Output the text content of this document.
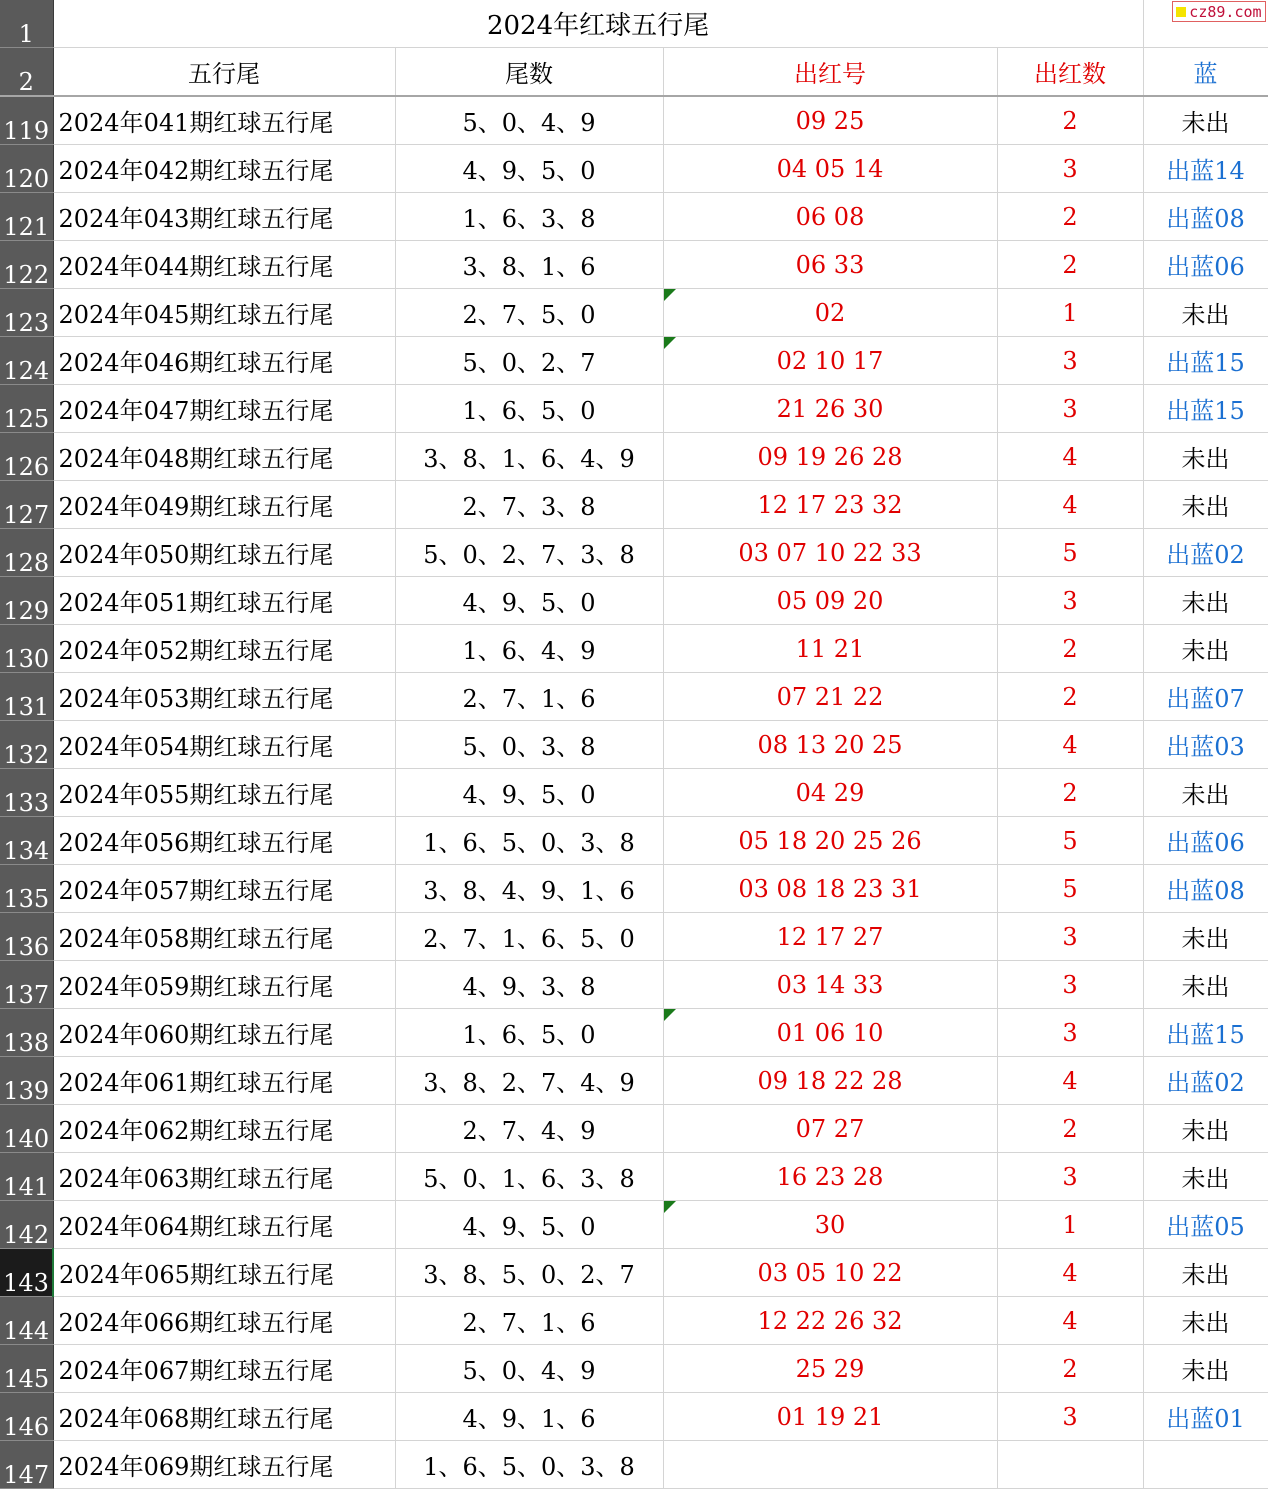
1	2024年红球五行尾				cz89.com

2	五行尾	尾数	出红号	出红数	蓝
119	2024年041期红球五行尾	5、0、4、9	09 25	2	未出
120	2024年042期红球五行尾	4、9、5、0	04 05 14	3	出蓝14
121	2024年043期红球五行尾	1、6、3、8	06 08	2	出蓝08
122	2024年044期红球五行尾	3、8、1、6	06 33	2	出蓝06
123	2024年045期红球五行尾	2、7、5、0	02	1	未出
124	2024年046期红球五行尾	5、0、2、7	02 10 17	3	出蓝15
125	2024年047期红球五行尾	1、6、5、0	21 26 30	3	出蓝15
126	2024年048期红球五行尾	3、8、1、6、4、9	09 19 26 28	4	未出
127	2024年049期红球五行尾	2、7、3、8	12 17 23 32	4	未出
128	2024年050期红球五行尾	5、0、2、7、3、8	03 07 10 22 33	5	出蓝02
129	2024年051期红球五行尾	4、9、5、0	05 09 20	3	未出
130	2024年052期红球五行尾	1、6、4、9	11 21	2	未出
131	2024年053期红球五行尾	2、7、1、6	07 21 22	2	出蓝07
132	2024年054期红球五行尾	5、0、3、8	08 13 20 25	4	出蓝03
133	2024年055期红球五行尾	4、9、5、0	04 29	2	未出
134	2024年056期红球五行尾	1、6、5、0、3、8	05 18 20 25 26	5	出蓝06
135	2024年057期红球五行尾	3、8、4、9、1、6	03 08 18 23 31	5	出蓝08
136	2024年058期红球五行尾	2、7、1、6、5、0	12 17 27	3	未出
137	2024年059期红球五行尾	4、9、3、8	03 14 33	3	未出
138	2024年060期红球五行尾	1、6、5、0	01 06 10	3	出蓝15
139	2024年061期红球五行尾	3、8、2、7、4、9	09 18 22 28	4	出蓝02
140	2024年062期红球五行尾	2、7、4、9	07 27	2	未出
141	2024年063期红球五行尾	5、0、1、6、3、8	16 23 28	3	未出
142	2024年064期红球五行尾	4、9、5、0	30	1	出蓝05
143	2024年065期红球五行尾	3、8、5、0、2、7	03 05 10 22	4	未出
144	2024年066期红球五行尾	2、7、1、6	12 22 26 32	4	未出
145	2024年067期红球五行尾	5、0、4、9	25 29	2	未出
146	2024年068期红球五行尾	4、9、1、6	01 19 21	3	出蓝01
147	2024年069期红球五行尾	1、6、5、0、3、8			
